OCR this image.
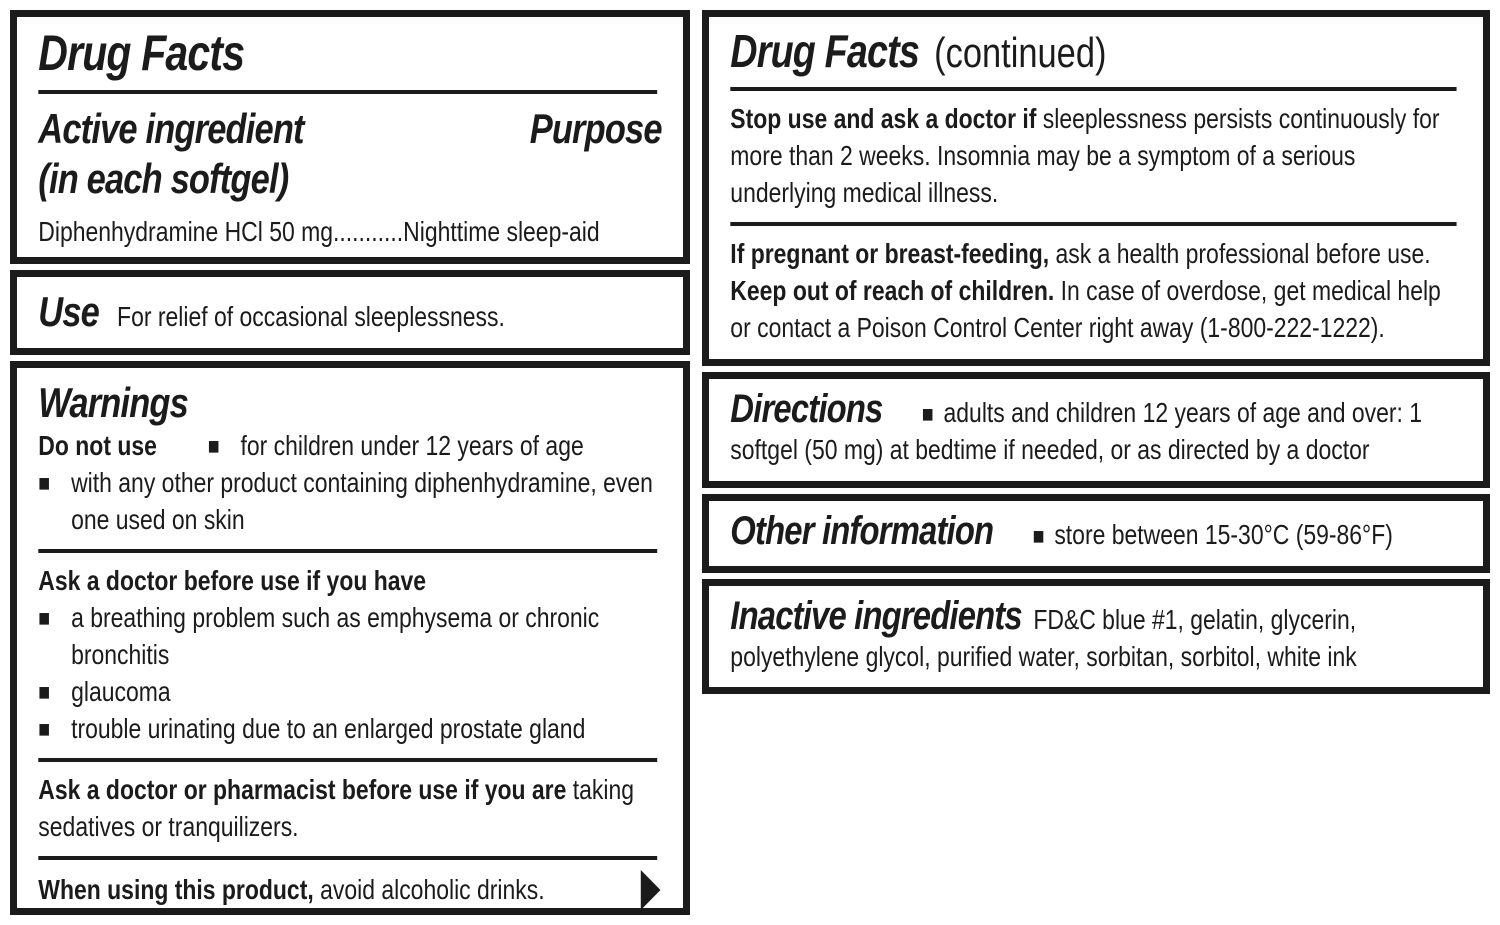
Drug Facts
Active ingredient	Purpose
(in each softgel)
Diphenhydramine HCl 50 mg...........Nighttime sleep-aid
Use For relief of occasional sleeplessness.
Warnings
Do not use ■ for children under 12 years of age
■ with any other product containing diphenhydramine, even one used on skin
Ask a doctor before use if you have
■ a breathing problem such as emphysema or chronic bronchitis
■ glaucoma
■ trouble urinating due to an enlarged prostate gland
Ask a doctor or pharmacist before use if you are taking sedatives or tranquilizers.
When using this product, avoid alcoholic drinks.
Drug Facts (continued)
Stop use and ask a doctor if sleeplessness persists continuously for more than 2 weeks. Insomnia may be a symptom of a serious underlying medical illness.
If pregnant or breast-feeding, ask a health professional before use.
Keep out of reach of children. In case of overdose, get medical help or contact a Poison Control Center right away (1-800-222-1222).
Directions ■ adults and children 12 years of age and over: 1 softgel (50 mg) at bedtime if needed, or as directed by a doctor
Other information ■ store between 15-30°C (59-86°F)
Inactive ingredients FD&C blue #1, gelatin, glycerin, polyethylene glycol, purified water, sorbitan, sorbitol, white ink
